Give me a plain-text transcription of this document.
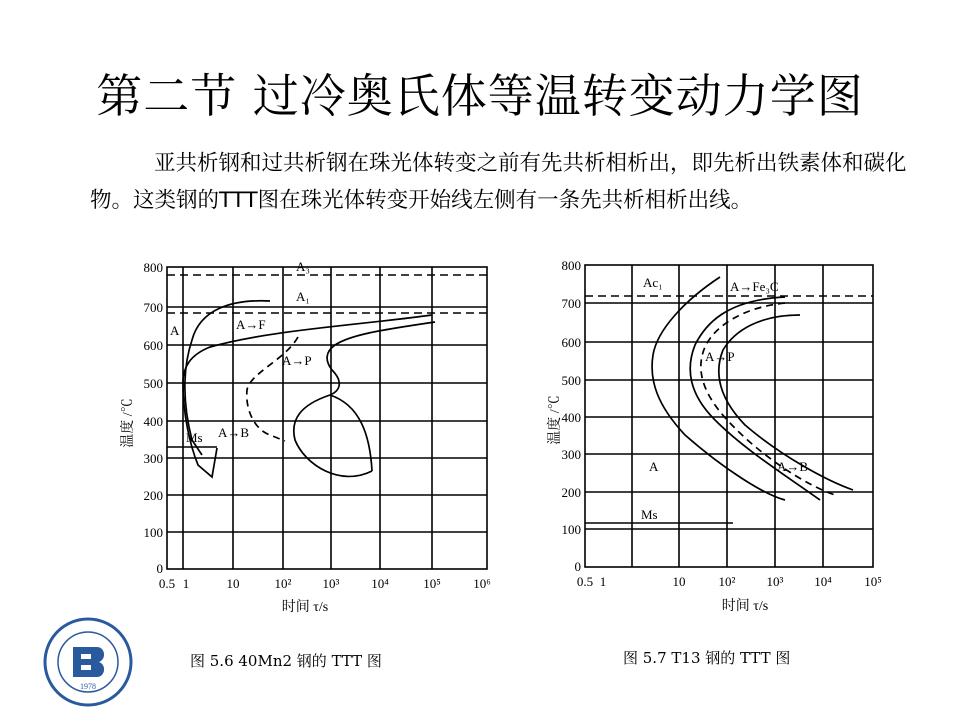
第二节 过冷奥氏体等温转变动力学图
亚共析钢和过共析钢在珠光体转变之前有先共析相析出，即先析出铁素体和碳化物。这类钢的TTT图在珠光体转变开始线左侧有一条先共析相析出线。
800
700
600
500
400
300
200
100
0
0.5 1	10	10² 10³ 10⁴	10⁵ 10⁶
时间 τ/s
温度 /℃
A₃
A₁
A	A→F
A→P
A→B
Ms
图 5.6 40Mn2 钢的 TTT 图
800
700
600
500
400
300
200
100
0
0.5 1	10	10² 10³ 10⁴ 10⁵
时间 τ/s
温度 /℃
Ac₁	A→Fe₃C
A→P
A	A→B
Ms
图 5.7 T13 钢的 TTT 图
1978
